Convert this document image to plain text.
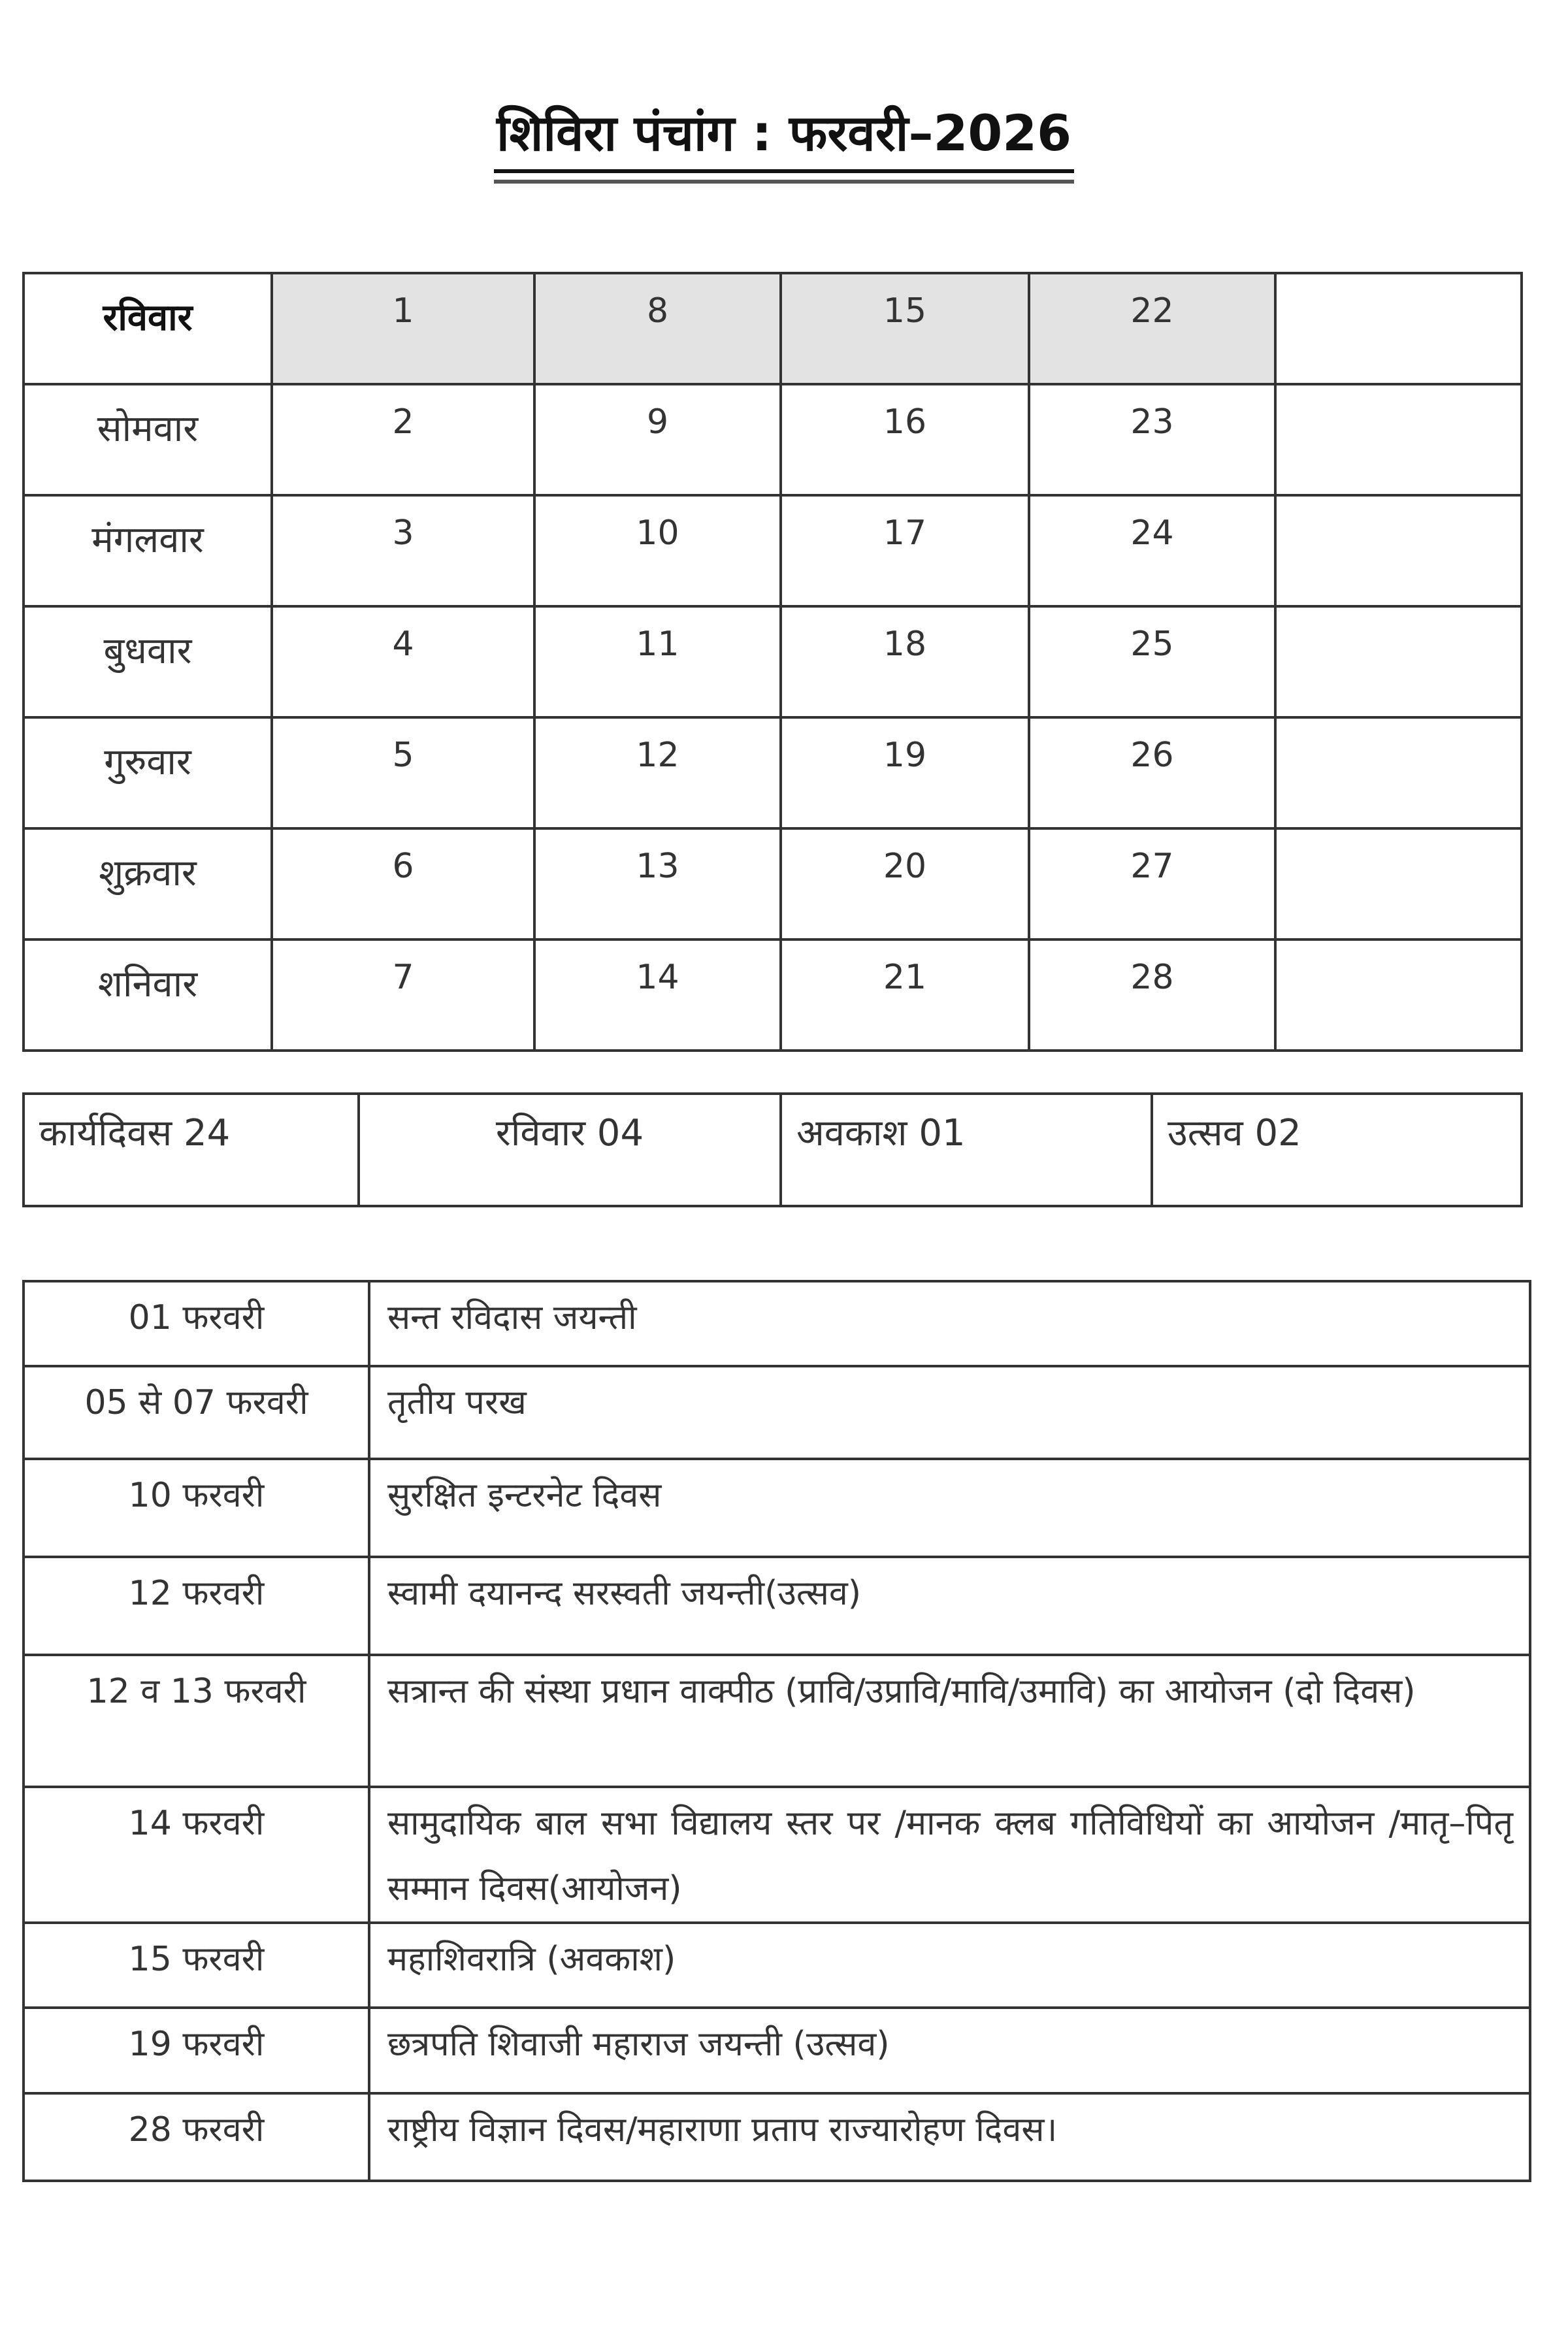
शिविरा पंचांग : फरवरी–2026
रविवार	1	8	15	22	
सोमवार	2	9	16	23	
मंगलवार	3	10	17	24	
बुधवार	4	11	18	25	
गुरुवार	5	12	19	26	
शुक्रवार	6	13	20	27	
शनिवार	7	14	21	28	
कार्यदिवस 24	रविवार 04	अवकाश 01	उत्सव 02
01 फरवरी	सन्त रविदास जयन्ती
05 से 07 फरवरी	तृतीय परख
10 फरवरी	सुरक्षित इन्टरनेट दिवस
12 फरवरी	स्वामी दयानन्द सरस्वती जयन्ती(उत्सव)
12 व 13 फरवरी	सत्रान्त की संस्था प्रधान वाक्पीठ (प्रावि/उप्रावि/मावि/उमावि) का आयोजन (दो दिवस)
14 फरवरी	सामुदायिक बाल सभा विद्यालय स्तर पर /मानक क्लब गतिविधियों का आयोजन /मातृ–पितृ सम्मान दिवस(आयोजन)
15 फरवरी	महाशिवरात्रि (अवकाश)
19 फरवरी	छत्रपति शिवाजी महाराज जयन्ती (उत्सव)
28 फरवरी	राष्ट्रीय विज्ञान दिवस/महाराणा प्रताप राज्यारोहण दिवस।
